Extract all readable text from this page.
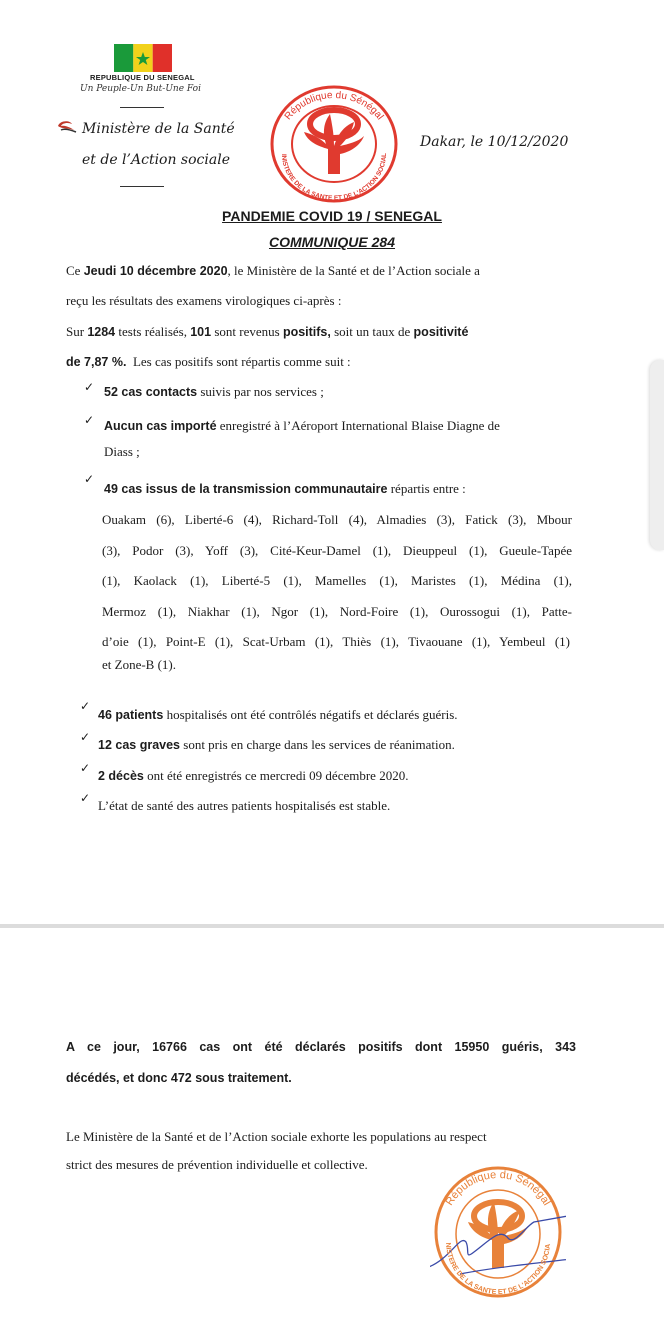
REPUBLIQUE DU SENEGAL
Un Peuple-Un But-Une Foi
Ministère de la Santé
et de l’Action sociale
République du Sénégal
INISTERE DE LA SANTE ET DE L'ACTION SOCIAL
Dakar, le 10/12/2020
PANDEMIE COVID 19 / SENEGAL
COMMUNIQUE 284
Ce Jeudi 10 décembre 2020, le Ministère de la Santé et de l’Action sociale a
reçu les résultats des examens virologiques ci-après :
Sur 1284 tests réalisés, 101 sont revenus positifs, soit un taux de positivité
de 7,87 %.  Les cas positifs sont répartis comme suit :
✓ 52 cas contacts suivis par nos services ;
✓ Aucun cas importé enregistré à l’Aéroport International Blaise Diagne de
Diass ;
✓
49 cas issus de la transmission communautaire répartis entre :
Ouakam (6), Liberté-6 (4), Richard-Toll (4), Almadies (3), Fatick (3), Mbour
(3), Podor (3), Yoff (3), Cité-Keur-Damel (1), Dieuppeul (1), Gueule-Tapée
(1), Kaolack (1), Liberté-5 (1), Mamelles (1), Maristes (1), Médina (1),
Mermoz (1), Niakhar (1), Ngor (1), Nord-Foire (1), Ourossogui (1), Patte-
d’oie (1), Point-E (1), Scat-Urbam (1), Thiès (1), Tivaouane (1), Yembeul (1)
et Zone-B (1).
✓
46 patients hospitalisés ont été contrôlés négatifs et déclarés guéris.
✓
12 cas graves sont pris en charge dans les services de réanimation.
✓
2 décès ont été enregistrés ce mercredi 09 décembre 2020.
✓ L’état de santé des autres patients hospitalisés est stable.
A ce jour, 16766 cas ont été déclarés positifs dont 15950 guéris, 343
décédés, et donc 472 sous traitement.
Le Ministère de la Santé et de l’Action sociale exhorte les populations au respect
strict des mesures de prévention individuelle et collective.
République du Sénégal
NISTERE DE LA SANTE ET DE L'ACTION SOCIA
